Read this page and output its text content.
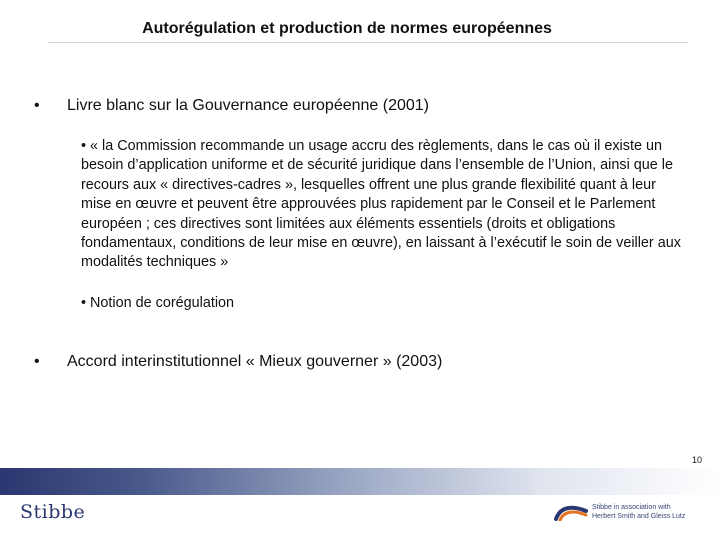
Autorégulation et production de normes européennes
• Livre blanc sur la Gouvernance européenne (2001)
• « la Commission recommande un usage accru des règlements, dans le cas où il existe un besoin d’application uniforme et de sécurité juridique dans l’ensemble de l’Union, ainsi que le recours aux « directives-cadres », lesquelles offrent une plus grande flexibilité quant à leur mise en œuvre et peuvent être approuvées plus rapidement par le Conseil et le Parlement européen ; ces directives sont limitées aux éléments essentiels (droits et obligations fondamentaux, conditions de leur mise en œuvre), en laissant à l’exécutif le soin de veiller aux modalités techniques »
• Notion de corégulation
• Accord interinstitutionnel « Mieux gouverner » (2003)
10
Stibbe	Stibbe in association with
Herbert Smith and Gleiss Lutz
